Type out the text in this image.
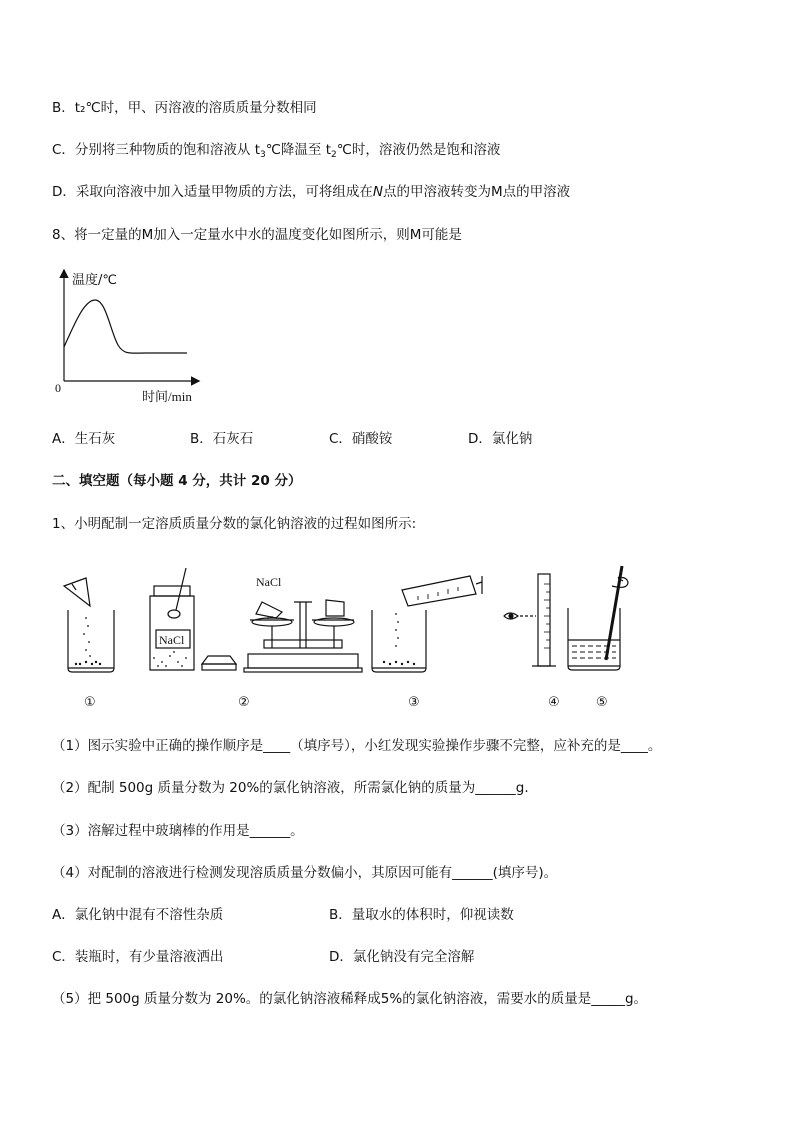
B．t₂℃时，甲、丙溶液的溶质质量分数相同
C．分别将三种物质的饱和溶液从 $t_3℃$降温至 $t_2℃$时，溶液仍然是饱和溶液
D．采取向溶液中加入适量甲物质的方法，可将组成在N点的甲溶液转变为M点的甲溶液
8、将一定量的M加入一定量水中水的温度变化如图所示，则M可能是
温度/℃
0
时间/min
A．生石灰	B．石灰石	C．硝酸铵	D．氯化钠
二、填空题（每小题 4 分，共计 20 分）
1、小明配制一定溶质质量分数的氯化钠溶液的过程如图所示:
NaCl
NaCl
①	②	③	④	⑤
（1）图示实验中正确的操作顺序是____（填序号），小红发现实验操作步骤不完整，应补充的是____。
（2）配制 500g 质量分数为 20%的氯化钠溶液，所需氯化钠的质量为______g.
（3）溶解过程中玻璃棒的作用是______。
（4）对配制的溶液进行检测发现溶质质量分数偏小，其原因可能有______(填序号)。
A．氯化钠中混有不溶性杂质	B．量取水的体积时，仰视读数
C．装瓶时，有少量溶液洒出	D．氯化钠没有完全溶解
（5）把 500g 质量分数为 20%。的氯化钠溶液稀释成5%的氯化钠溶液，需要水的质量是_____g。
